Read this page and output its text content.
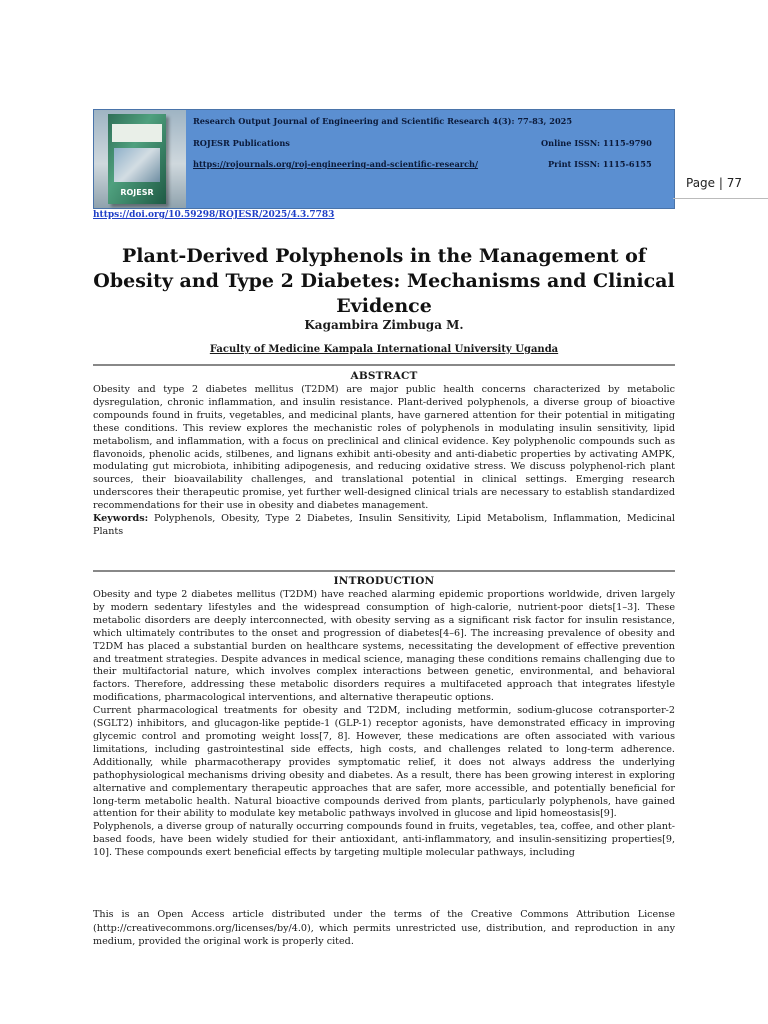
ROJESR
Research Output Journal of Engineering and Scientific Research 4(3): 77-83, 2025
ROJESR Publications	Online ISSN: 1115-9790
https://rojournals.org/roj-engineering-and-scientific-research/	Print ISSN: 1115-6155
Page | 77
https://doi.org/10.59298/ROJESR/2025/4.3.7783
Plant-Derived Polyphenols in the Management of Obesity and Type 2 Diabetes: Mechanisms and Clinical Evidence
Kagambira Zimbuga M.
Faculty of Medicine Kampala International University Uganda
ABSTRACT

Obesity and type 2 diabetes mellitus (T2DM) are major public health concerns characterized by metabolic dysregulation, chronic inflammation, and insulin resistance. Plant-derived polyphenols, a diverse group of bioactive compounds found in fruits, vegetables, and medicinal plants, have garnered attention for their potential in mitigating these conditions. This review explores the mechanistic roles of polyphenols in modulating insulin sensitivity, lipid metabolism, and inflammation, with a focus on preclinical and clinical evidence. Key polyphenolic compounds such as flavonoids, phenolic acids, stilbenes, and lignans exhibit anti-obesity and anti-diabetic properties by activating AMPK, modulating gut microbiota, inhibiting adipogenesis, and reducing oxidative stress. We discuss polyphenol-rich plant sources, their bioavailability challenges, and translational potential in clinical settings. Emerging research underscores their therapeutic promise, yet further well-designed clinical trials are necessary to establish standardized recommendations for their use in obesity and diabetes management.

Keywords: Polyphenols, Obesity, Type 2 Diabetes, Insulin Sensitivity, Lipid Metabolism, Inflammation, Medicinal Plants

INTRODUCTION

Obesity and type 2 diabetes mellitus (T2DM) have reached alarming epidemic proportions worldwide, driven largely by modern sedentary lifestyles and the widespread consumption of high-calorie, nutrient-poor diets[1–3]. These metabolic disorders are deeply interconnected, with obesity serving as a significant risk factor for insulin resistance, which ultimately contributes to the onset and progression of diabetes[4–6]. The increasing prevalence of obesity and T2DM has placed a substantial burden on healthcare systems, necessitating the development of effective prevention and treatment strategies. Despite advances in medical science, managing these conditions remains challenging due to their multifactorial nature, which involves complex interactions between genetic, environmental, and behavioral factors. Therefore, addressing these metabolic disorders requires a multifaceted approach that integrates lifestyle modifications, pharmacological interventions, and alternative therapeutic options.

Current pharmacological treatments for obesity and T2DM, including metformin, sodium-glucose cotransporter-2 (SGLT2) inhibitors, and glucagon-like peptide-1 (GLP-1) receptor agonists, have demonstrated efficacy in improving glycemic control and promoting weight loss[7, 8]. However, these medications are often associated with various limitations, including gastrointestinal side effects, high costs, and challenges related to long-term adherence. Additionally, while pharmacotherapy provides symptomatic relief, it does not always address the underlying pathophysiological mechanisms driving obesity and diabetes. As a result, there has been growing interest in exploring alternative and complementary therapeutic approaches that are safer, more accessible, and potentially beneficial for long-term metabolic health. Natural bioactive compounds derived from plants, particularly polyphenols, have gained attention for their ability to modulate key metabolic pathways involved in glucose and lipid homeostasis[9].

Polyphenols, a diverse group of naturally occurring compounds found in fruits, vegetables, tea, coffee, and other plant-based foods, have been widely studied for their antioxidant, anti-inflammatory, and insulin-sensitizing properties[9, 10]. These compounds exert beneficial effects by targeting multiple molecular pathways, including

This is an Open Access article distributed under the terms of the Creative Commons Attribution License (http://creativecommons.org/licenses/by/4.0), which permits unrestricted use, distribution, and reproduction in any medium, provided the original work is properly cited.
